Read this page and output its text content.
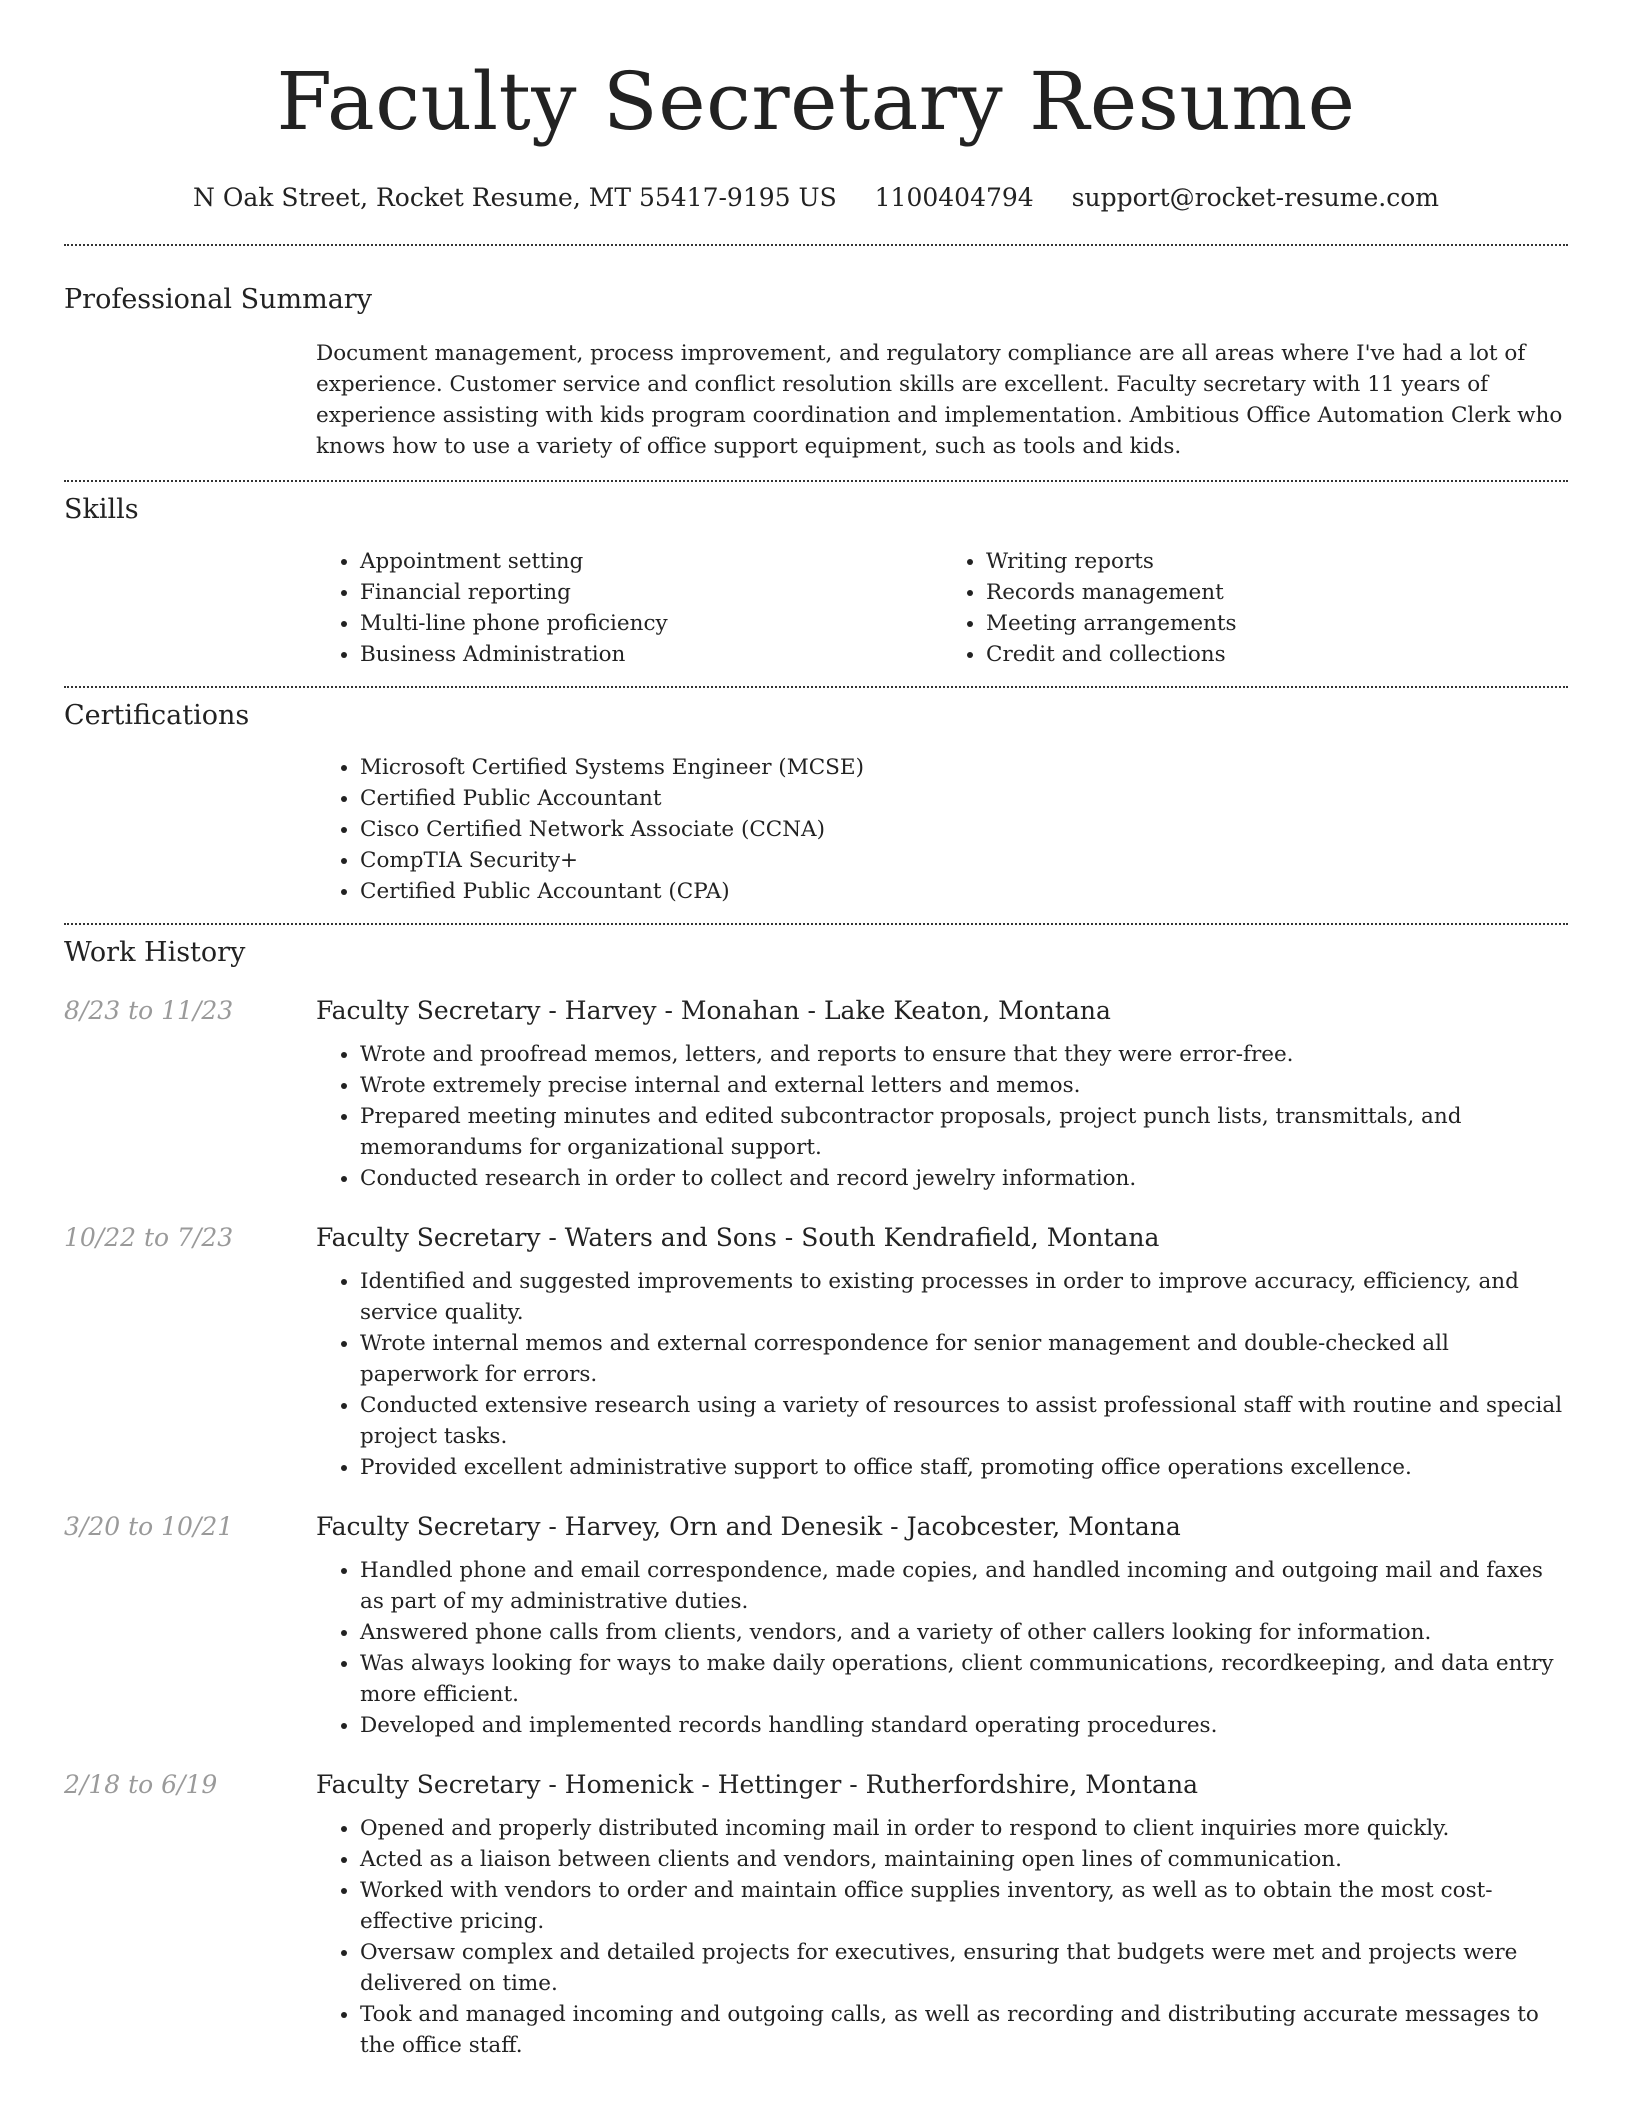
Faculty Secretary Resume
N Oak Street, Rocket Resume, MT 55417-9195 US 1100404794 support@rocket-resume.com
Professional Summary
Document management, process improvement, and regulatory compliance are all areas where I've had a lot of experience. Customer service and conflict resolution skills are excellent. Faculty secretary with 11 years of experience assisting with kids program coordination and implementation. Ambitious Office Automation Clerk who knows how to use a variety of office support equipment, such as tools and kids.
Skills
• Appointment setting
• Financial reporting
• Multi-line phone proficiency
• Business Administration
• Writing reports
• Records management
• Meeting arrangements
• Credit and collections
Certifications
• Microsoft Certified Systems Engineer (MCSE)
• Certified Public Accountant
• Cisco Certified Network Associate (CCNA)
• CompTIA Security+
• Certified Public Accountant (CPA)
Work History
8/23 to 11/23	Faculty Secretary - Harvey - Monahan - Lake Keaton, Montana
• Wrote and proofread memos, letters, and reports to ensure that they were error-free.
• Wrote extremely precise internal and external letters and memos.
• Prepared meeting minutes and edited subcontractor proposals, project punch lists, transmittals, and memorandums for organizational support.
• Conducted research in order to collect and record jewelry information.
10/22 to 7/23	Faculty Secretary - Waters and Sons - South Kendrafield, Montana
• Identified and suggested improvements to existing processes in order to improve accuracy, efficiency, and service quality.
• Wrote internal memos and external correspondence for senior management and double-checked all paperwork for errors.
• Conducted extensive research using a variety of resources to assist professional staff with routine and special project tasks.
• Provided excellent administrative support to office staff, promoting office operations excellence.
3/20 to 10/21	Faculty Secretary - Harvey, Orn and Denesik - Jacobcester, Montana
• Handled phone and email correspondence, made copies, and handled incoming and outgoing mail and faxes as part of my administrative duties.
• Answered phone calls from clients, vendors, and a variety of other callers looking for information.
• Was always looking for ways to make daily operations, client communications, recordkeeping, and data entry more efficient.
• Developed and implemented records handling standard operating procedures.
2/18 to 6/19	Faculty Secretary - Homenick - Hettinger - Rutherfordshire, Montana
• Opened and properly distributed incoming mail in order to respond to client inquiries more quickly.
• Acted as a liaison between clients and vendors, maintaining open lines of communication.
• Worked with vendors to order and maintain office supplies inventory, as well as to obtain the most cost-effective pricing.
• Oversaw complex and detailed projects for executives, ensuring that budgets were met and projects were delivered on time.
• Took and managed incoming and outgoing calls, as well as recording and distributing accurate messages to the office staff.
